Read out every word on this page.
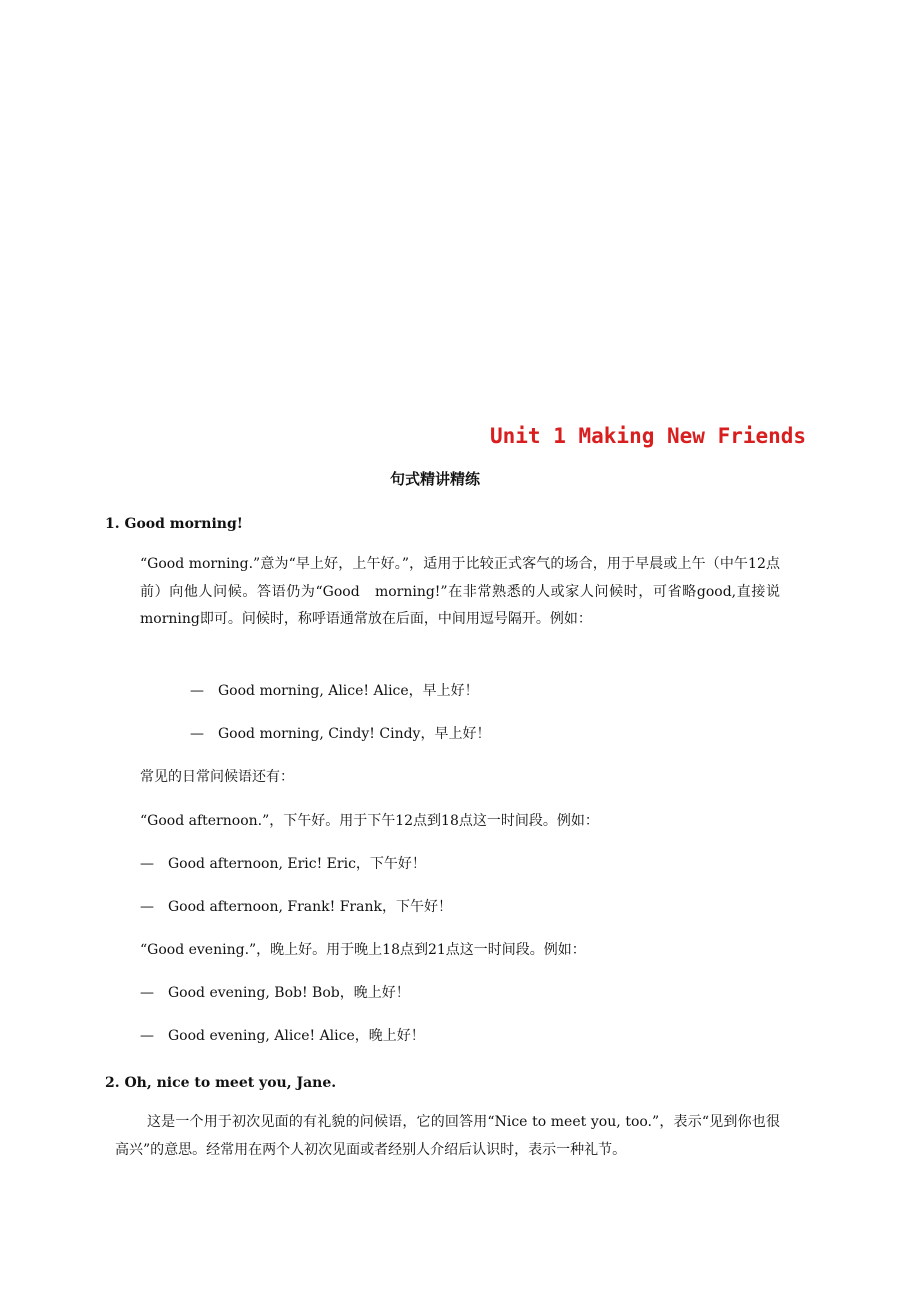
Unit 1 Making New Friends
句式精讲精练
1. Good morning!
“Good morning.”意为“早上好，上午好。”，适用于比较正式客气的场合，用于早晨或上午（中午12点前）向他人问候。答语仍为“Good　morning!”在非常熟悉的人或家人问候时，可省略good,直接说morning即可。问候时，称呼语通常放在后面，中间用逗号隔开。例如：
—　Good morning, Alice! Alice，早上好！
—　Good morning, Cindy! Cindy，早上好！
常见的日常问候语还有：
“Good afternoon.”，下午好。用于下午12点到18点这一时间段。例如：
—　Good afternoon, Eric! Eric，下午好！
—　Good afternoon, Frank! Frank，下午好！
“Good evening.”，晚上好。用于晚上18点到21点这一时间段。例如：
—　Good evening, Bob! Bob，晚上好！
—　Good evening, Alice! Alice，晚上好！
2. Oh, nice to meet you, Jane.
这是一个用于初次见面的有礼貌的问候语，它的回答用“Nice to meet you, too.”，表示“见到你也很高兴”的意思。经常用在两个人初次见面或者经别人介绍后认识时，表示一种礼节。
